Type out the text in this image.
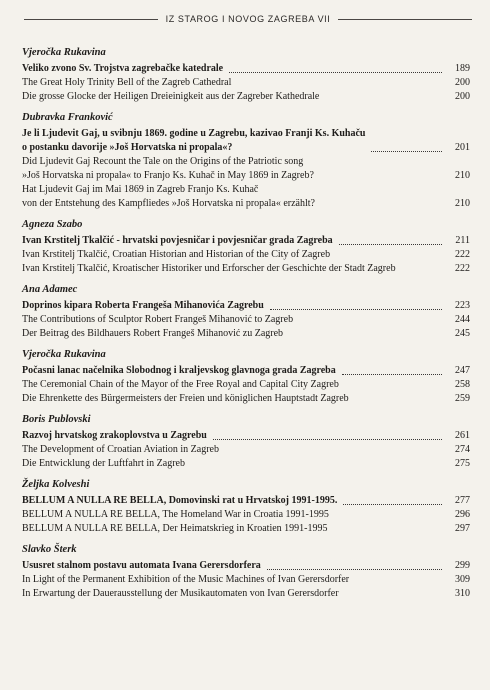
IZ STAROG I NOVOG ZAGREBA VII
Vjeročka Rukavina
Veliko zvono Sv. Trojstva zagrebačke katedrale	189
The Great Holy Trinity Bell of the Zagreb Cathedral	200
Die grosse Glocke der Heiligen Dreieinigkeit aus der Zagreber Kathedrale	200
Dubravka Franković
Je li Ljudevit Gaj, u svibnju 1869. godine u Zagrebu, kazivao Franji Ks. Kuhaču
o postanku davorije »Još Horvatska ni propala«?	201
Did Ljudevit Gaj Recount the Tale on the Origins of the Patriotic song
»Još Horvatska ni propala« to Franjo Ks. Kuhač in May 1869 in Zagreb?	210
Hat Ljudevit Gaj im Mai 1869 in Zagreb Franjo Ks. Kuhač
von der Entstehung des Kampfliedes »Još Horvatska ni propala« erzählt?	210
Agneza Szabo
Ivan Krstitelj Tkalčić - hrvatski povjesničar i povjesničar grada Zagreba	211
Ivan Krstitelj Tkalčić, Croatian Historian and Historian of the City of Zagreb	222
Ivan Krstitelj Tkalčić, Kroatischer Historiker und Erforscher der Geschichte der Stadt Zagreb	222
Ana Adamec
Doprinos kipara Roberta Frangeša Mihanovića Zagrebu	223
The Contributions of Sculptor Robert Frangeš Mihanović to Zagreb	244
Der Beitrag des Bildhauers Robert Frangeš Mihanović zu Zagreb	245
Vjeročka Rukavina
Počasni lanac načelnika Slobodnog i kraljevskog glavnoga grada Zagreba	247
The Ceremonial Chain of the Mayor of the Free Royal and Capital City Zagreb	258
Die Ehrenkette des Bürgermeisters der Freien und königlichen Hauptstadt Zagreb	259
Boris Publovski
Razvoj hrvatskog zrakoplovstva u Zagrebu	261
The Development of Croatian Aviation in Zagreb	274
Die Entwicklung der Luftfahrt in Zagreb	275
Željka Kolveshi
BELLUM A NULLA RE BELLA, Domovinski rat u Hrvatskoj 1991-1995.	277
BELLUM A NULLA RE BELLA, The Homeland War in Croatia 1991-1995	296
BELLUM A NULLA RE BELLA, Der Heimatskrieg in Kroatien 1991-1995	297
Slavko Šterk
Ususret stalnom postavu automata Ivana Gerersdorfera	299
In Light of the Permanent Exhibition of the Music Machines of Ivan Gerersdorfer	309
In Erwartung der Dauerausstellung der Musikautomaten von Ivan Gerersdorfer	310
